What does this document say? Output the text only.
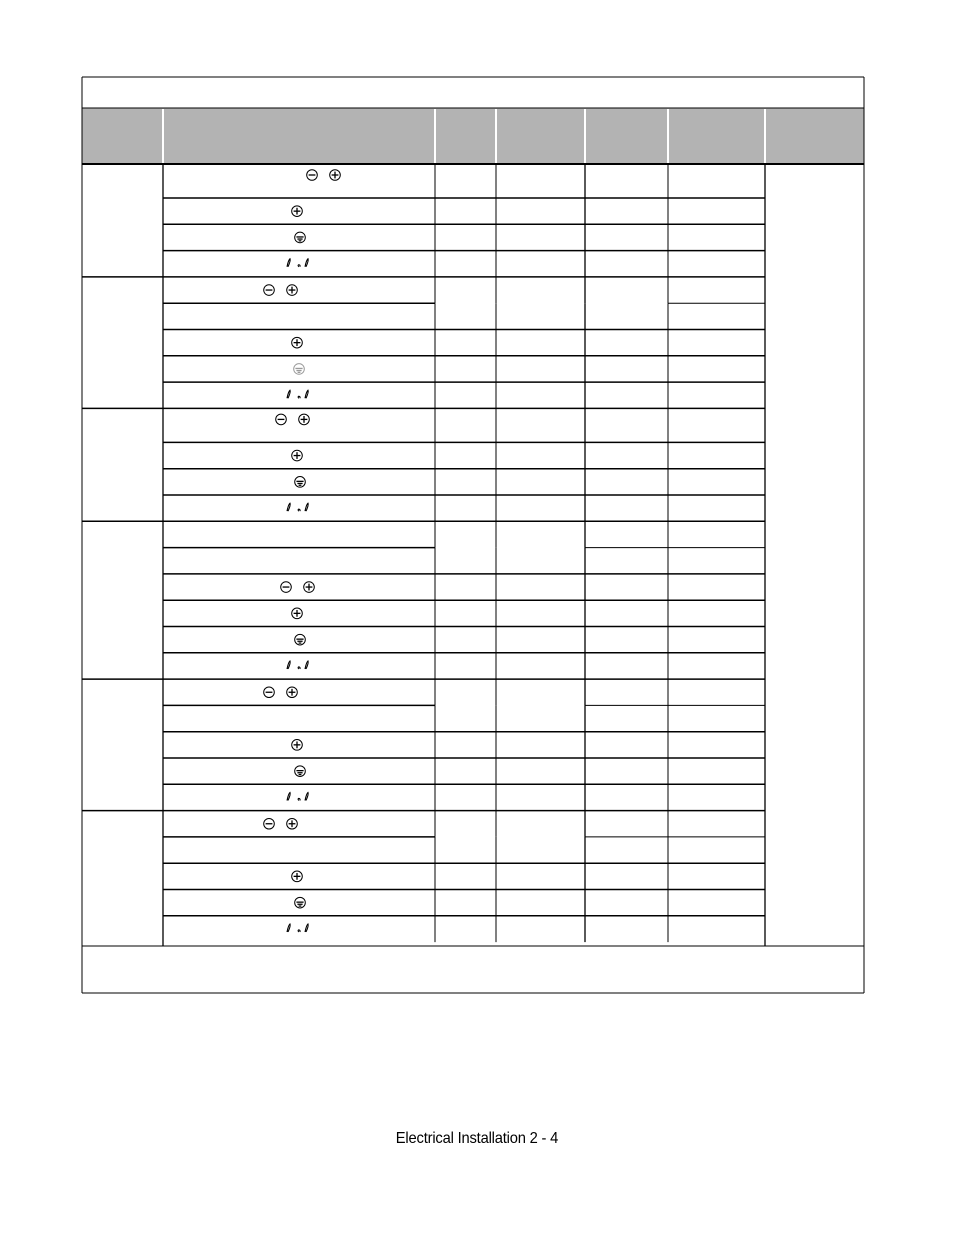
Electrical Installation 2 - 4
